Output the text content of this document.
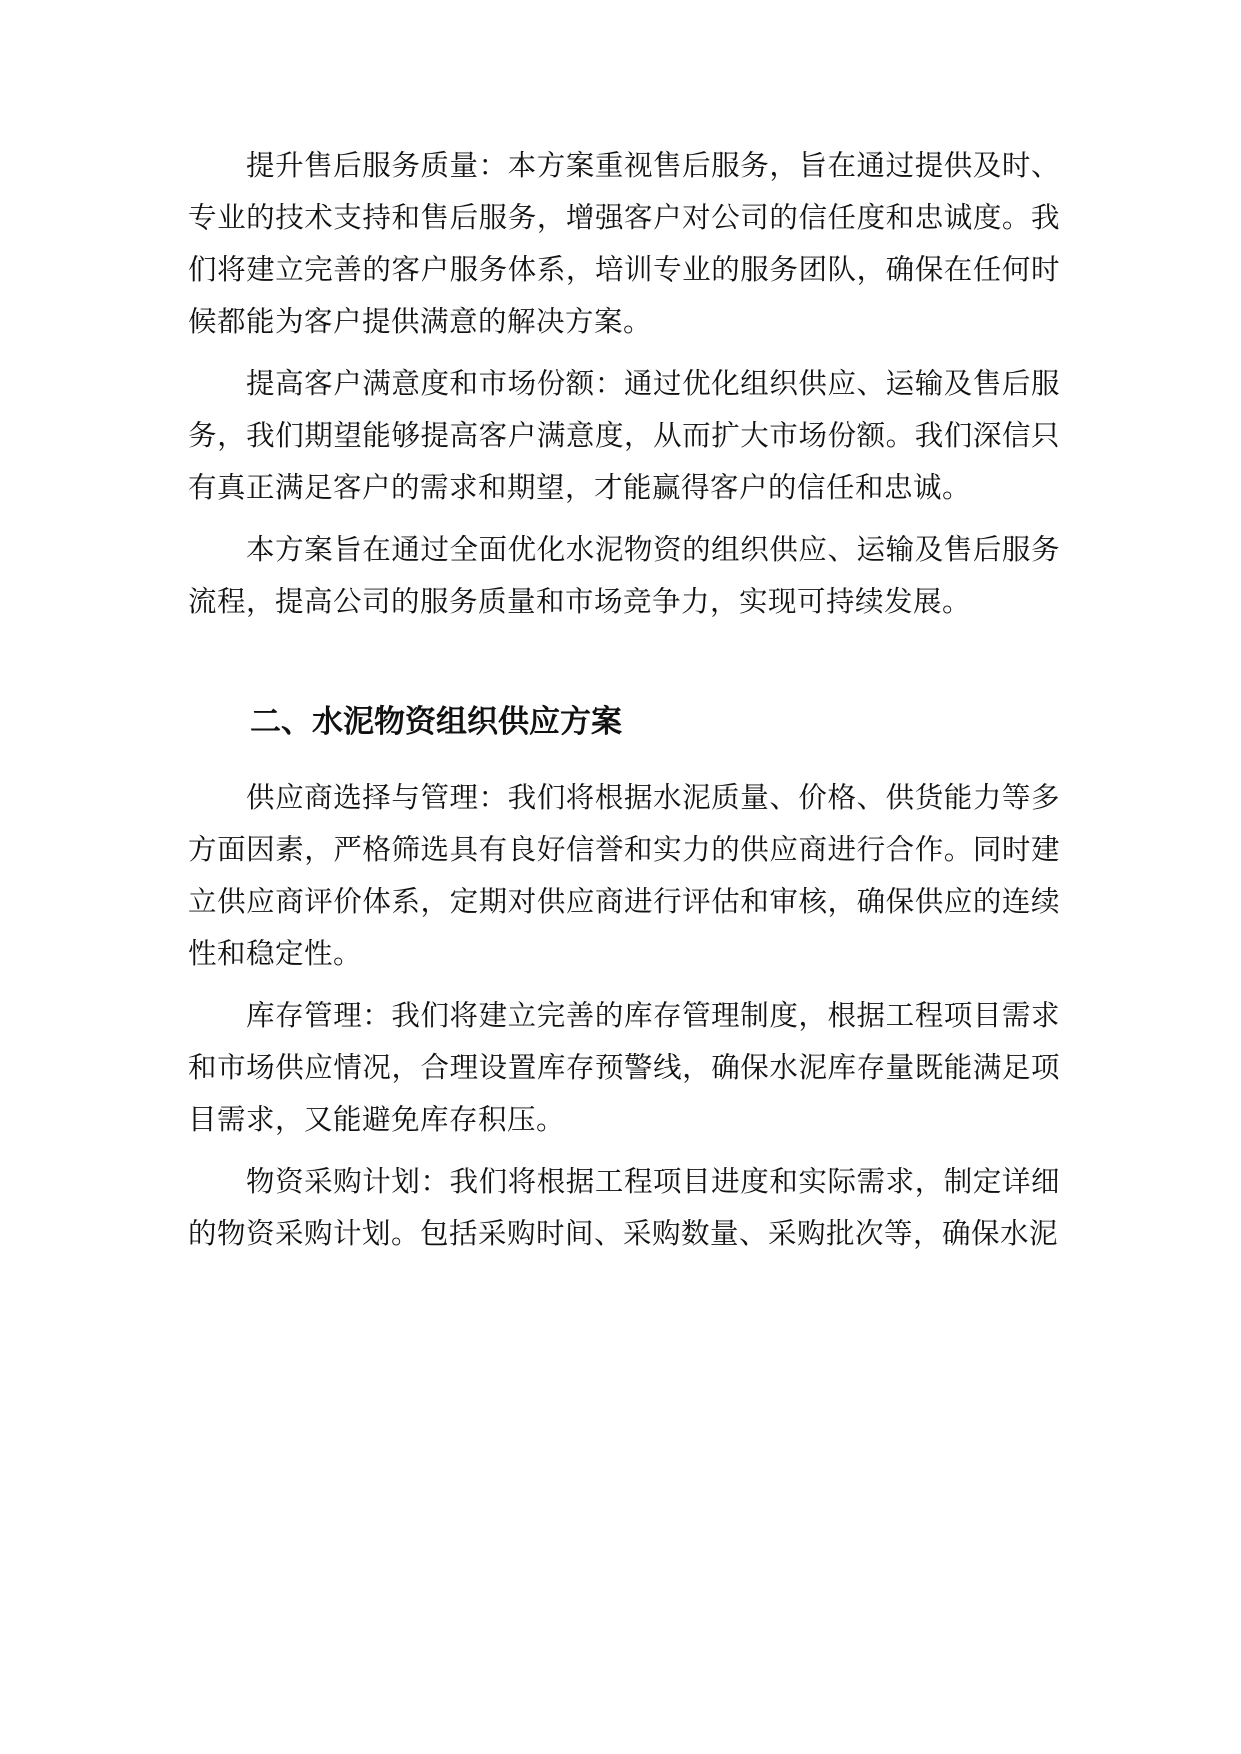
提升售后服务质量：本方案重视售后服务，旨在通过提供及时、专业的技术支持和售后服务，增强客户对公司的信任度和忠诚度。我们将建立完善的客户服务体系，培训专业的服务团队，确保在任何时候都能为客户提供满意的解决方案。

提高客户满意度和市场份额：通过优化组织供应、运输及售后服务，我们期望能够提高客户满意度，从而扩大市场份额。我们深信只有真正满足客户的需求和期望，才能赢得客户的信任和忠诚。

本方案旨在通过全面优化水泥物资的组织供应、运输及售后服务流程，提高公司的服务质量和市场竞争力，实现可持续发展。

二、水泥物资组织供应方案

供应商选择与管理：我们将根据水泥质量、价格、供货能力等多方面因素，严格筛选具有良好信誉和实力的供应商进行合作。同时建立供应商评价体系，定期对供应商进行评估和审核，确保供应的连续性和稳定性。

库存管理：我们将建立完善的库存管理制度，根据工程项目需求和市场供应情况，合理设置库存预警线，确保水泥库存量既能满足项目需求，又能避免库存积压。

物资采购计划：我们将根据工程项目进度和实际需求，制定详细的物资采购计划。包括采购时间、采购数量、采购批次等，确保水泥
